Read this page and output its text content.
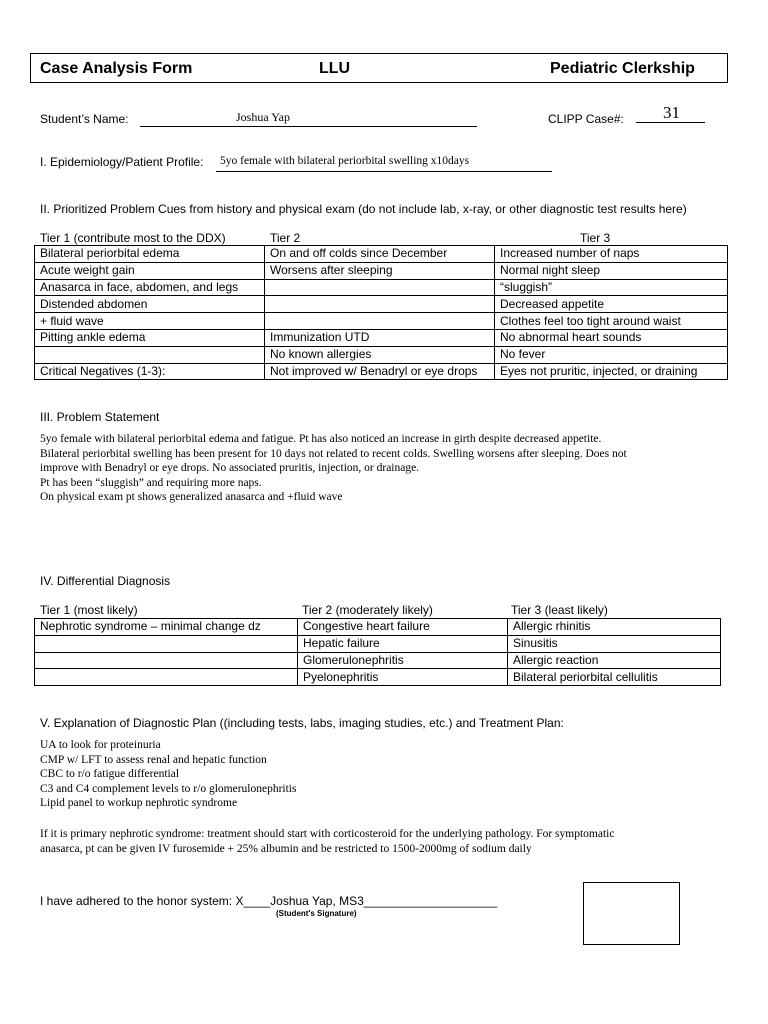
Case Analysis Form	LLU	Pediatric Clerkship
Student’s Name:	Joshua Yap	CLIPP Case#: 31
I. Epidemiology/Patient Profile: 5yo female with bilateral periorbital swelling x10days
II. Prioritized Problem Cues from history and physical exam (do not include lab, x-ray, or other diagnostic test results here)
Tier 1 (contribute most to the DDX)	Tier 2	Tier 3
Bilateral periorbital edema	On and off colds since December	Increased number of naps
Acute weight gain	Worsens after sleeping	Normal night sleep
Anasarca in face, abdomen, and legs		“sluggish”
Distended abdomen		Decreased appetite
+ fluid wave		Clothes feel too tight around waist
Pitting ankle edema	Immunization UTD	No abnormal heart sounds
	No known allergies	No fever
Critical Negatives (1-3):	Not improved w/ Benadryl or eye drops	Eyes not pruritic, injected, or draining
III. Problem Statement
5yo female with bilateral periorbital edema and fatigue. Pt has also noticed an increase in girth despite decreased appetite.
Bilateral periorbital swelling has been present for 10 days not related to recent colds. Swelling worsens after sleeping. Does not
improve with Benadryl or eye drops. No associated pruritis, injection, or drainage.
Pt has been “sluggish” and requiring more naps.
On physical exam pt shows generalized anasarca and +fluid wave
IV. Differential Diagnosis
Tier 1 (most likely)	Tier 2 (moderately likely)	Tier 3 (least likely)
Nephrotic syndrome – minimal change dz	Congestive heart failure	Allergic rhinitis
	Hepatic failure	Sinusitis
	Glomerulonephritis	Allergic reaction
	Pyelonephritis	Bilateral periorbital cellulitis
V. Explanation of Diagnostic Plan ((including tests, labs, imaging studies, etc.) and Treatment Plan:
UA to look for proteinuria
CMP w/ LFT to assess renal and hepatic function
CBC to r/o fatigue differential
C3 and C4 complement levels to r/o glomerulonephritis
Lipid panel to workup nephrotic syndrome
If it is primary nephrotic syndrome: treatment should start with corticosteroid for the underlying pathology. For symptomatic
anasarca, pt can be given IV furosemide + 25% albumin and be restricted to 1500-2000mg of sodium daily
I have adhered to the honor system: X____Joshua Yap, MS3____________________
(Student's Signature)
